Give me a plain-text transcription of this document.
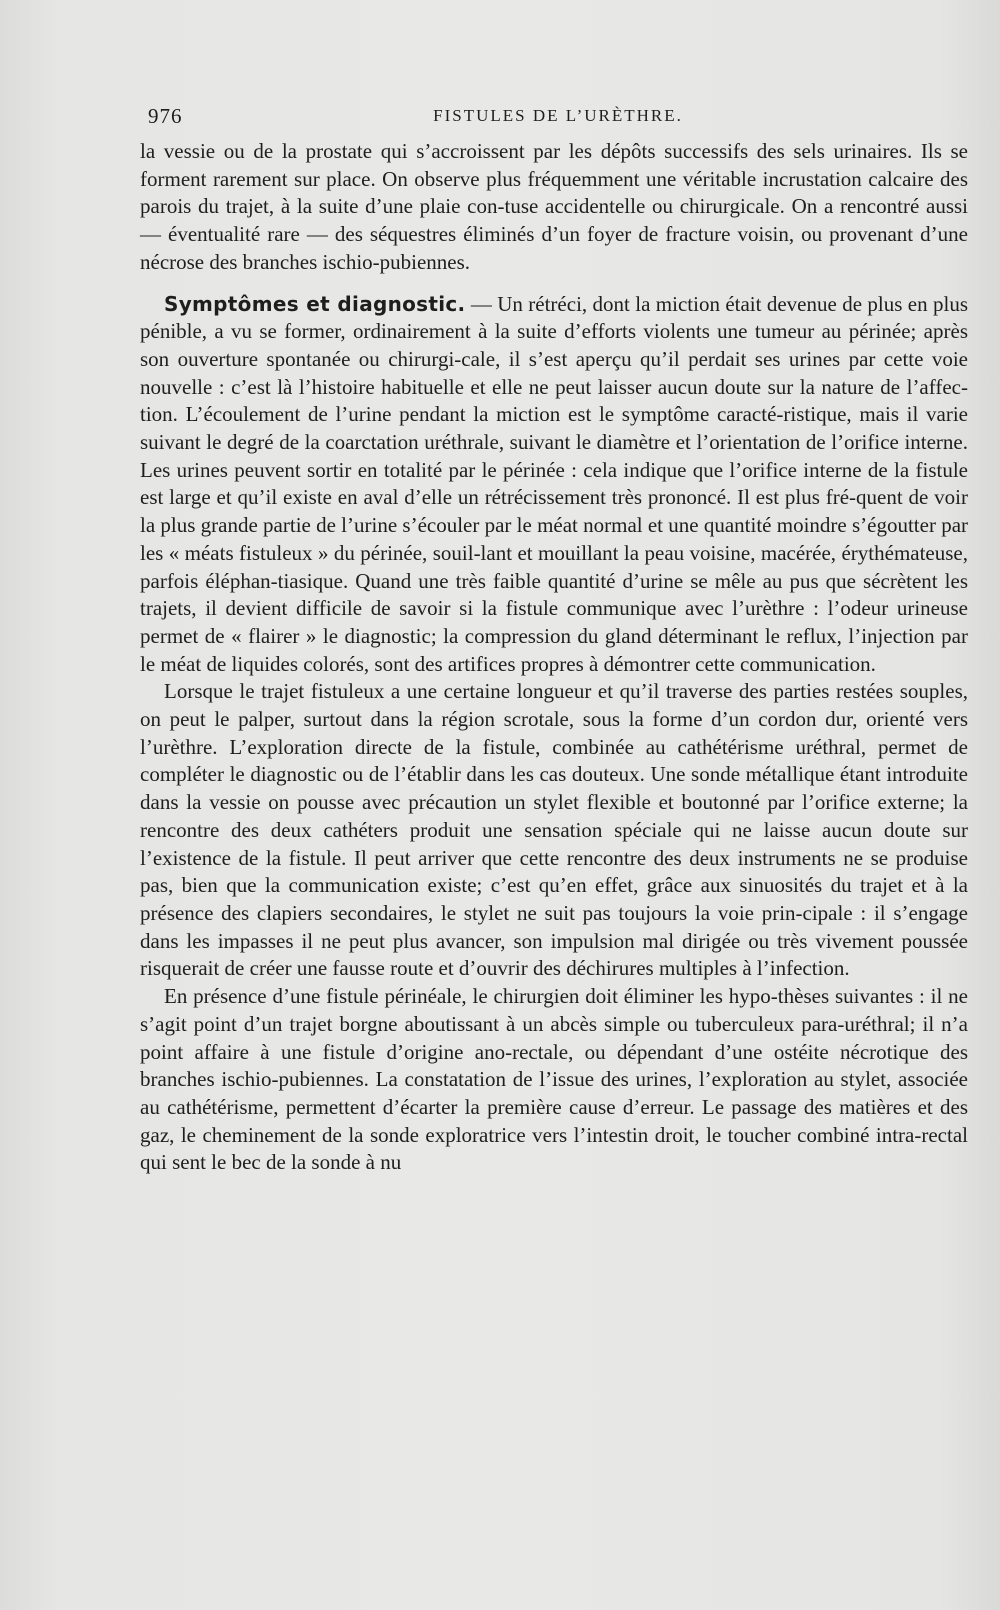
976	FISTULES DE L’URÈTHRE.

la vessie ou de la prostate qui s’accroissent par les dépôts successifs des sels urinaires. Ils se forment rarement sur place. On observe plus fréquemment une véritable incrustation calcaire des parois du trajet, à la suite d’une plaie con-tuse accidentelle ou chirurgicale. On a rencontré aussi — éventualité rare — des séquestres éliminés d’un foyer de fracture voisin, ou provenant d’une nécrose des branches ischio-pubiennes.

Symptômes et diagnostic. — Un rétréci, dont la miction était devenue de plus en plus pénible, a vu se former, ordinairement à la suite d’efforts violents une tumeur au périnée; après son ouverture spontanée ou chirurgi-cale, il s’est aperçu qu’il perdait ses urines par cette voie nouvelle : c’est là l’histoire habituelle et elle ne peut laisser aucun doute sur la nature de l’affec-tion. L’écoulement de l’urine pendant la miction est le symptôme caracté-ristique, mais il varie suivant le degré de la coarctation uréthrale, suivant le diamètre et l’orientation de l’orifice interne. Les urines peuvent sortir en totalité par le périnée : cela indique que l’orifice interne de la fistule est large et qu’il existe en aval d’elle un rétrécissement très prononcé. Il est plus fré-quent de voir la plus grande partie de l’urine s’écouler par le méat normal et une quantité moindre s’égoutter par les « méats fistuleux » du périnée, souil-lant et mouillant la peau voisine, macérée, érythémateuse, parfois éléphan-tiasique. Quand une très faible quantité d’urine se mêle au pus que sécrètent les trajets, il devient difficile de savoir si la fistule communique avec l’urèthre : l’odeur urineuse permet de « flairer » le diagnostic; la compression du gland déterminant le reflux, l’injection par le méat de liquides colorés, sont des artifices propres à démontrer cette communication.

Lorsque le trajet fistuleux a une certaine longueur et qu’il traverse des parties restées souples, on peut le palper, surtout dans la région scrotale, sous la forme d’un cordon dur, orienté vers l’urèthre. L’exploration directe de la fistule, combinée au cathétérisme uréthral, permet de compléter le diagnostic ou de l’établir dans les cas douteux. Une sonde métallique étant introduite dans la vessie on pousse avec précaution un stylet flexible et boutonné par l’orifice externe; la rencontre des deux cathéters produit une sensation spéciale qui ne laisse aucun doute sur l’existence de la fistule. Il peut arriver que cette rencontre des deux instruments ne se produise pas, bien que la communication existe; c’est qu’en effet, grâce aux sinuosités du trajet et à la présence des clapiers secondaires, le stylet ne suit pas toujours la voie prin-cipale : il s’engage dans les impasses il ne peut plus avancer, son impulsion mal dirigée ou très vivement poussée risquerait de créer une fausse route et d’ouvrir des déchirures multiples à l’infection.

En présence d’une fistule périnéale, le chirurgien doit éliminer les hypo-thèses suivantes : il ne s’agit point d’un trajet borgne aboutissant à un abcès simple ou tuberculeux para-uréthral; il n’a point affaire à une fistule d’origine ano-rectale, ou dépendant d’une ostéite nécrotique des branches ischio-pubiennes. La constatation de l’issue des urines, l’exploration au stylet, associée au cathétérisme, permettent d’écarter la première cause d’erreur. Le passage des matières et des gaz, le cheminement de la sonde exploratrice vers l’intestin droit, le toucher combiné intra-rectal qui sent le bec de la sonde à nu
